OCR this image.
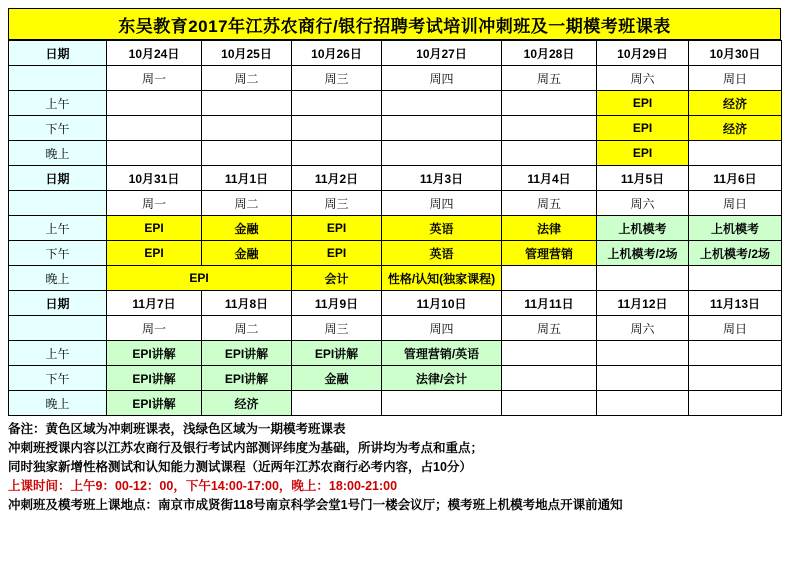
东吴教育2017年江苏农商行/银行招聘考试培训冲刺班及一期模考班课表
日期	10月24日	10月25日	10月26日	10月27日	10月28日	10月29日	10月30日
	周一	周二	周三	周四	周五	周六	周日
上午						EPI	经济
下午						EPI	经济
晚上						EPI	
日期	10月31日	11月1日	11月2日	11月3日	11月4日	11月5日	11月6日
	周一	周二	周三	周四	周五	周六	周日
上午	EPI	金融	EPI	英语	法律	上机模考	上机模考
下午	EPI	金融	EPI	英语	管理营销	上机模考/2场	上机模考/2场
晚上	EPI		会计	性格/认知(独家课程)			
日期	11月7日	11月8日	11月9日	11月10日	11月11日	11月12日	11月13日
	周一	周二	周三	周四	周五	周六	周日
上午	EPI讲解	EPI讲解	EPI讲解	管理营销/英语			
下午	EPI讲解	EPI讲解	金融	法律/会计			
晚上	EPI讲解	经济					
备注：黄色区域为冲刺班课表，浅绿色区域为一期模考班课表
冲刺班授课内容以江苏农商行及银行考试内部测评纬度为基础，所讲均为考点和重点；
同时独家新增性格测试和认知能力测试课程（近两年江苏农商行必考内容，占10分）
上课时间：上午9：00-12：00，下午14:00-17:00，晚上：18:00-21:00
冲刺班及模考班上课地点：南京市成贤街118号南京科学会堂1号门一楼会议厅；模考班上机模考地点开课前通知
